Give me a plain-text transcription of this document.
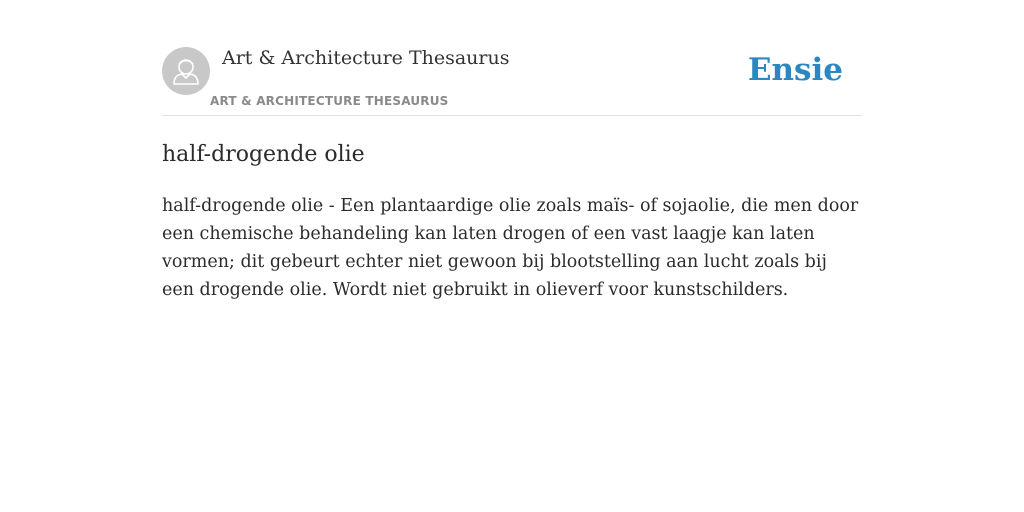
Art & Architecture Thesaurus
ART & ARCHITECTURE THESAURUS
Ensie
half-drogende olie

half-drogende olie - Een plantaardige olie zoals maïs- of sojaolie, die men door een chemische behandeling kan laten drogen of een vast laagje kan laten vormen; dit gebeurt echter niet gewoon bij blootstelling aan lucht zoals bij een drogende olie. Wordt niet gebruikt in olieverf voor kunstschilders.
